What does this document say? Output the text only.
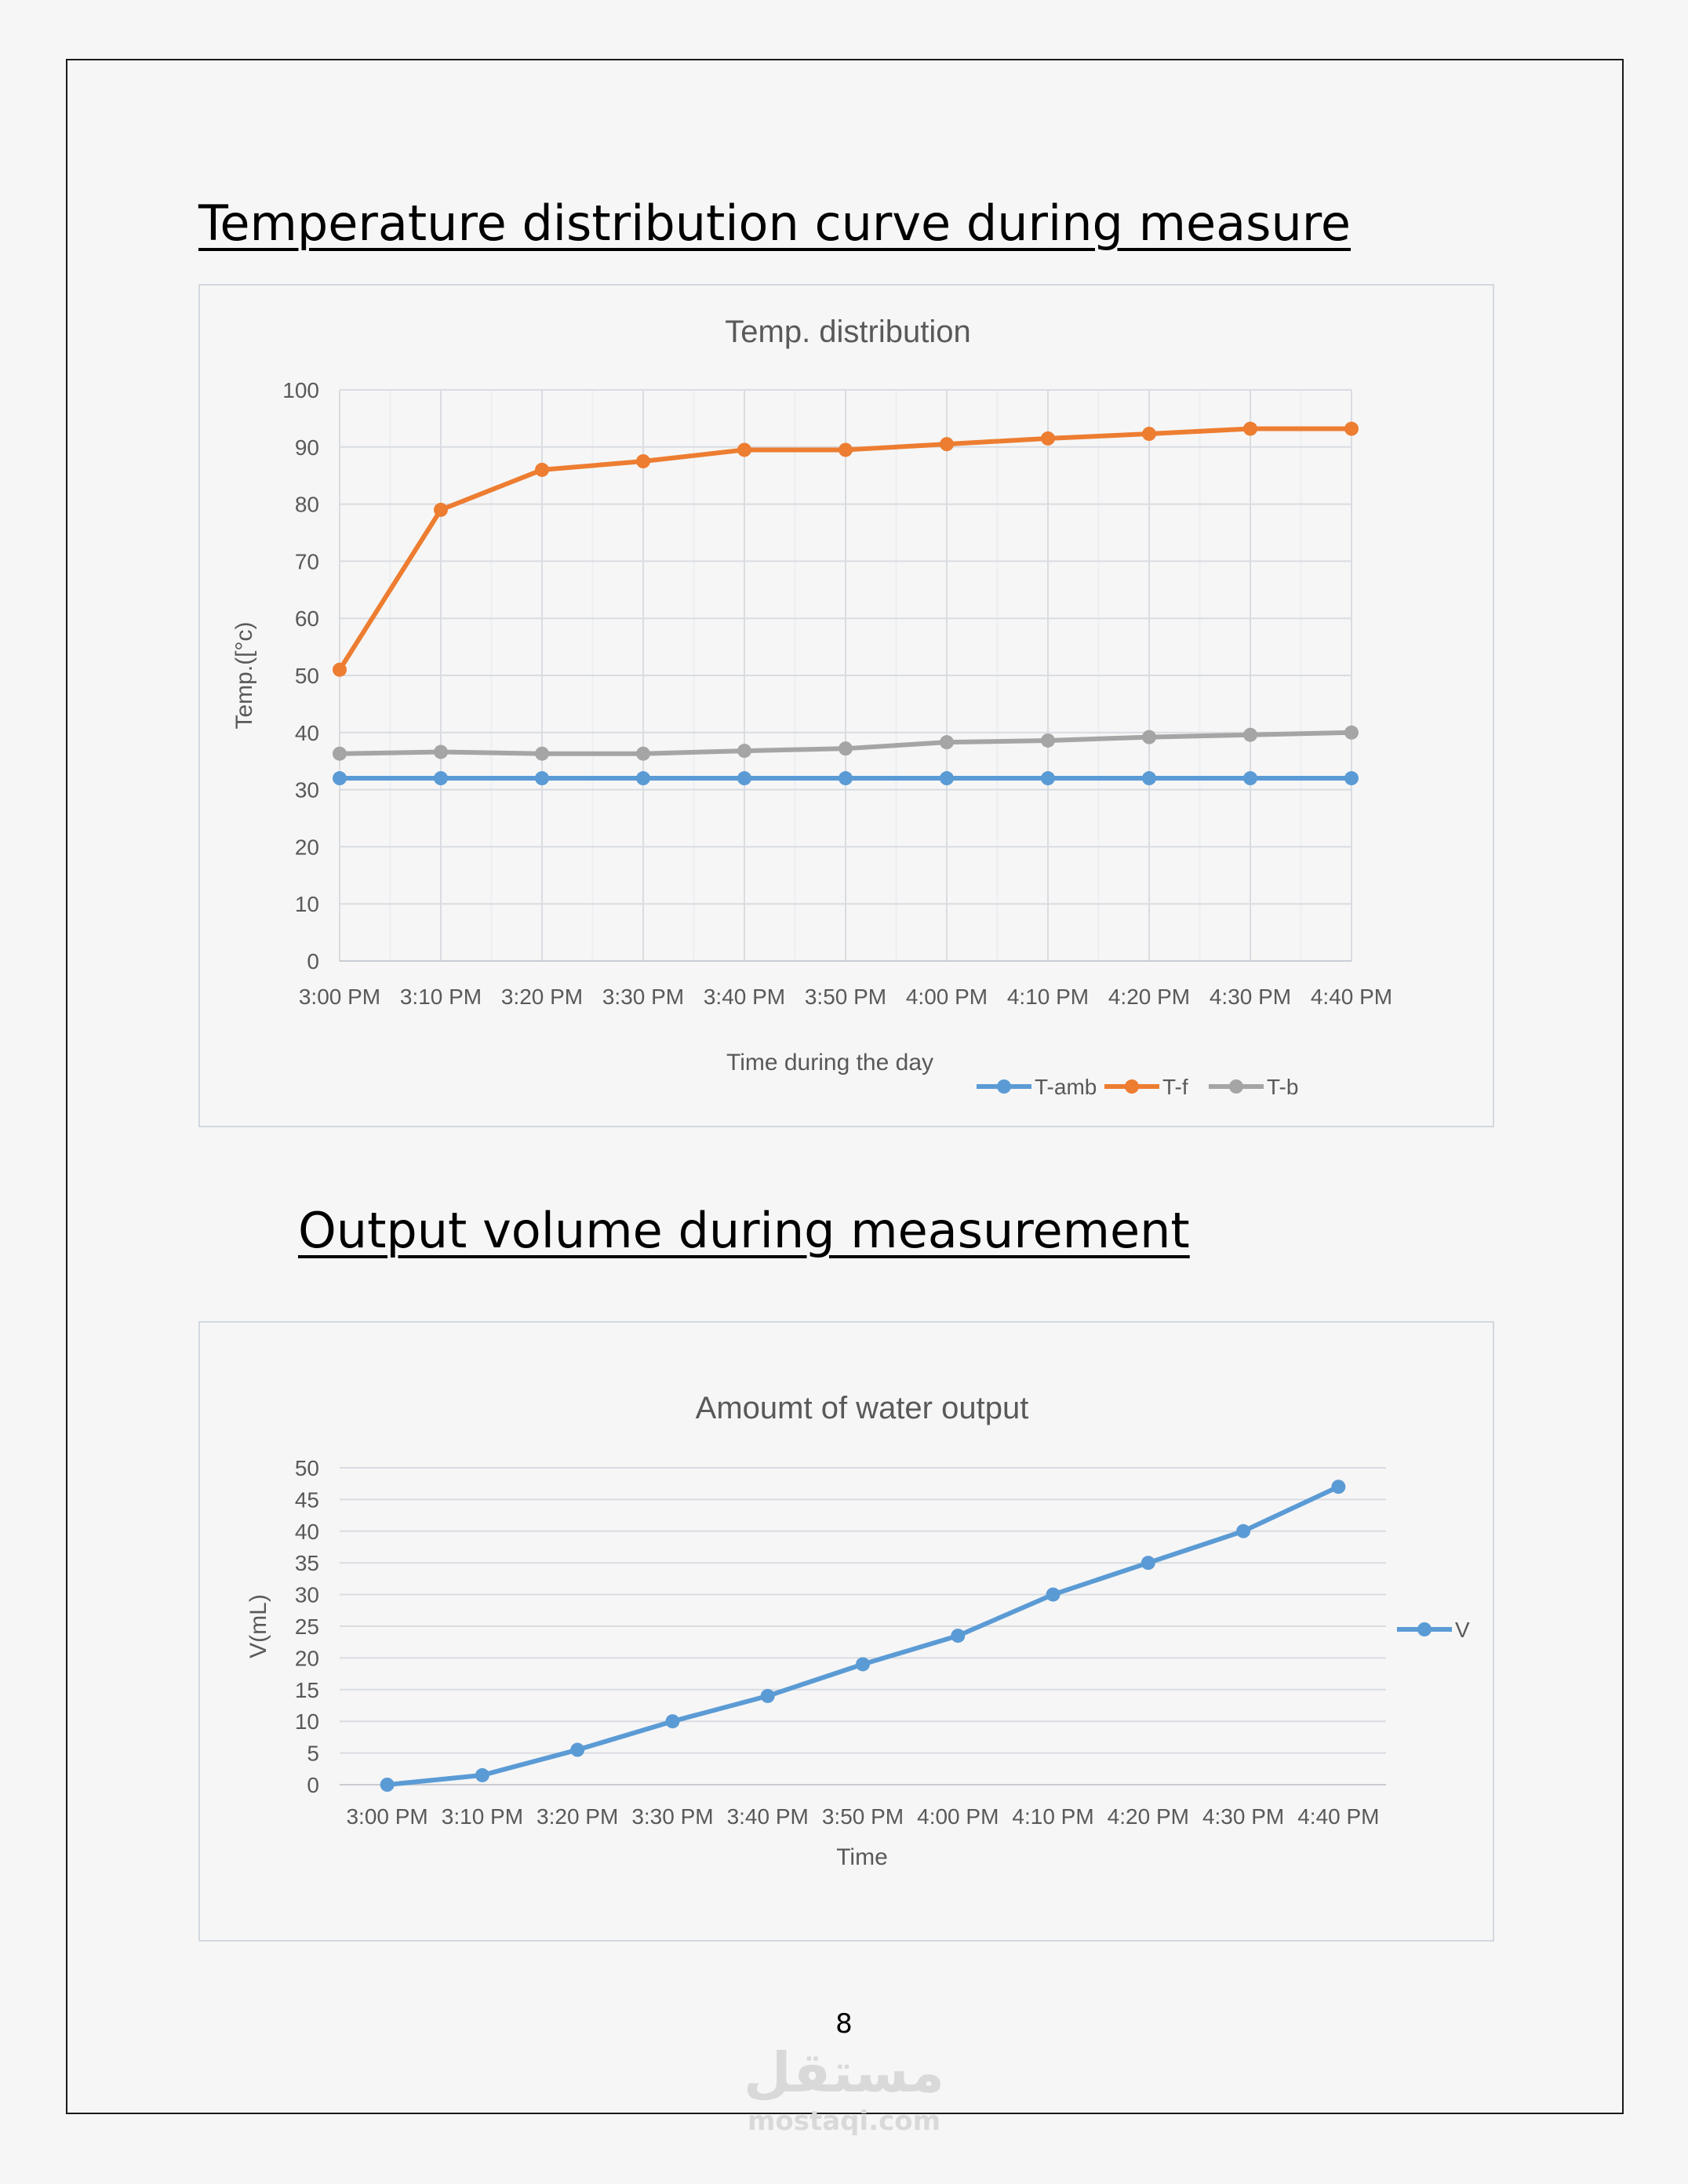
Temperature distribution curve during measure
Temp. distribution
0
10
20
30
40
50
60
70
80
90
100
3:00 PM 3:10 PM 3:20 PM 3:30 PM 3:40 PM 3:50 PM 4:00 PM 4:10 PM 4:20 PM 4:30 PM 4:40 PM
Time during the day
Temp.([°c)
T-amb	T-f	T-b
Output volume during measurement
Amoumt of water output
0
5
10
15
20
25
30
35
40
45
50
3:00 PM 3:10 PM 3:20 PM 3:30 PM 3:40 PM 3:50 PM 4:00 PM 4:10 PM 4:20 PM 4:30 PM 4:40 PM
Time
V(mL)	V
8
مستقل
mostaqi.com
